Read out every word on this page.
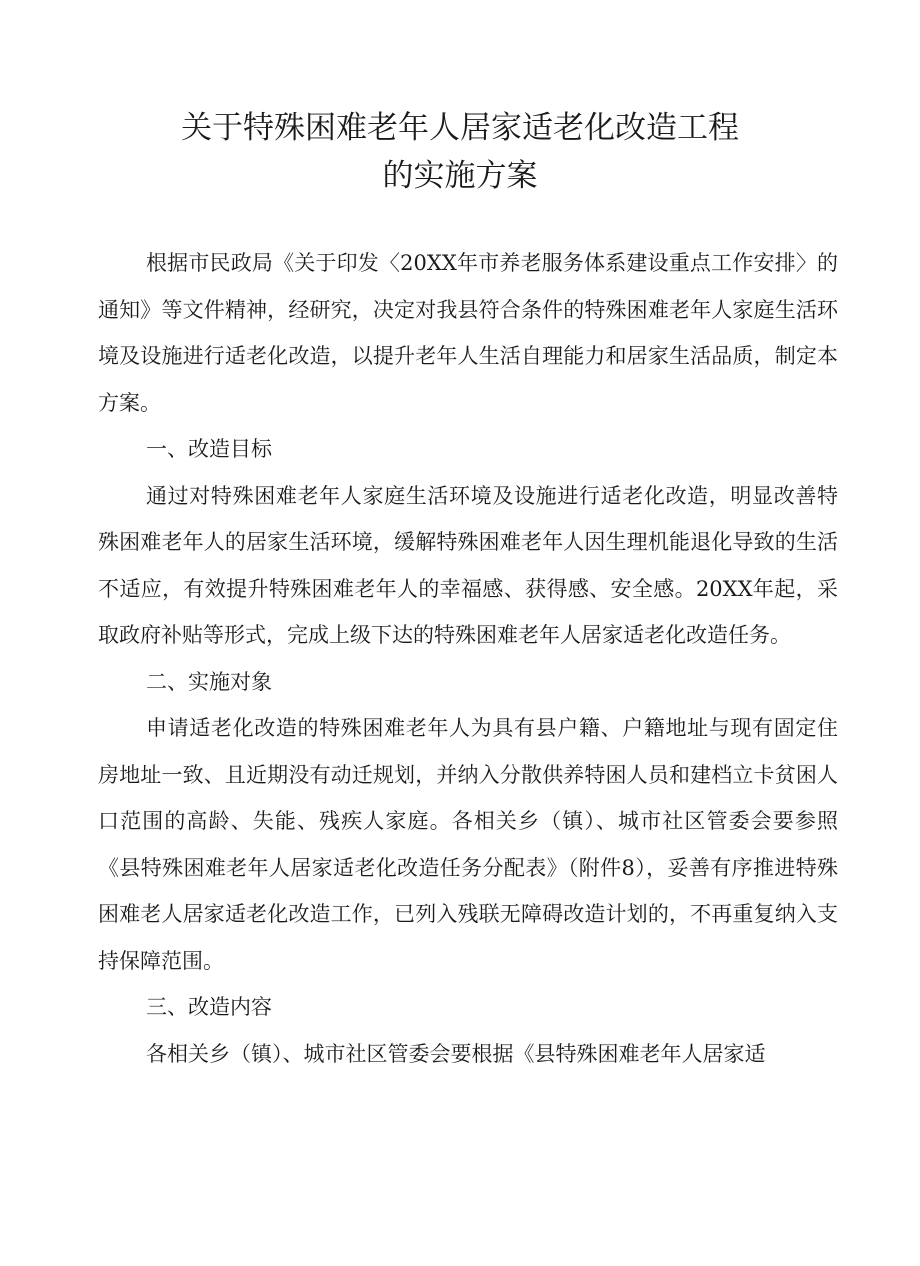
关于特殊困难老年人居家适老化改造工程
的实施方案

根据市民政局《关于印发〈20XX年市养老服务体系建设重点工作安排〉的通知》等文件精神，经研究，决定对我县符合条件的特殊困难老年人家庭生活环境及设施进行适老化改造，以提升老年人生活自理能力和居家生活品质，制定本方案。

一、改造目标

通过对特殊困难老年人家庭生活环境及设施进行适老化改造，明显改善特殊困难老年人的居家生活环境，缓解特殊困难老年人因生理机能退化导致的生活不适应，有效提升特殊困难老年人的幸福感、获得感、安全感。20XX年起，采取政府补贴等形式，完成上级下达的特殊困难老年人居家适老化改造任务。

二、实施对象

申请适老化改造的特殊困难老年人为具有县户籍、户籍地址与现有固定住房地址一致、且近期没有动迁规划，并纳入分散供养特困人员和建档立卡贫困人口范围的高龄、失能、残疾人家庭。各相关乡（镇）、城市社区管委会要参照《县特殊困难老年人居家适老化改造任务分配表》（附件8），妥善有序推进特殊困难老人居家适老化改造工作，已列入残联无障碍改造计划的，不再重复纳入支持保障范围。

三、改造内容

各相关乡（镇）、城市社区管委会要根据《县特殊困难老年人居家适
